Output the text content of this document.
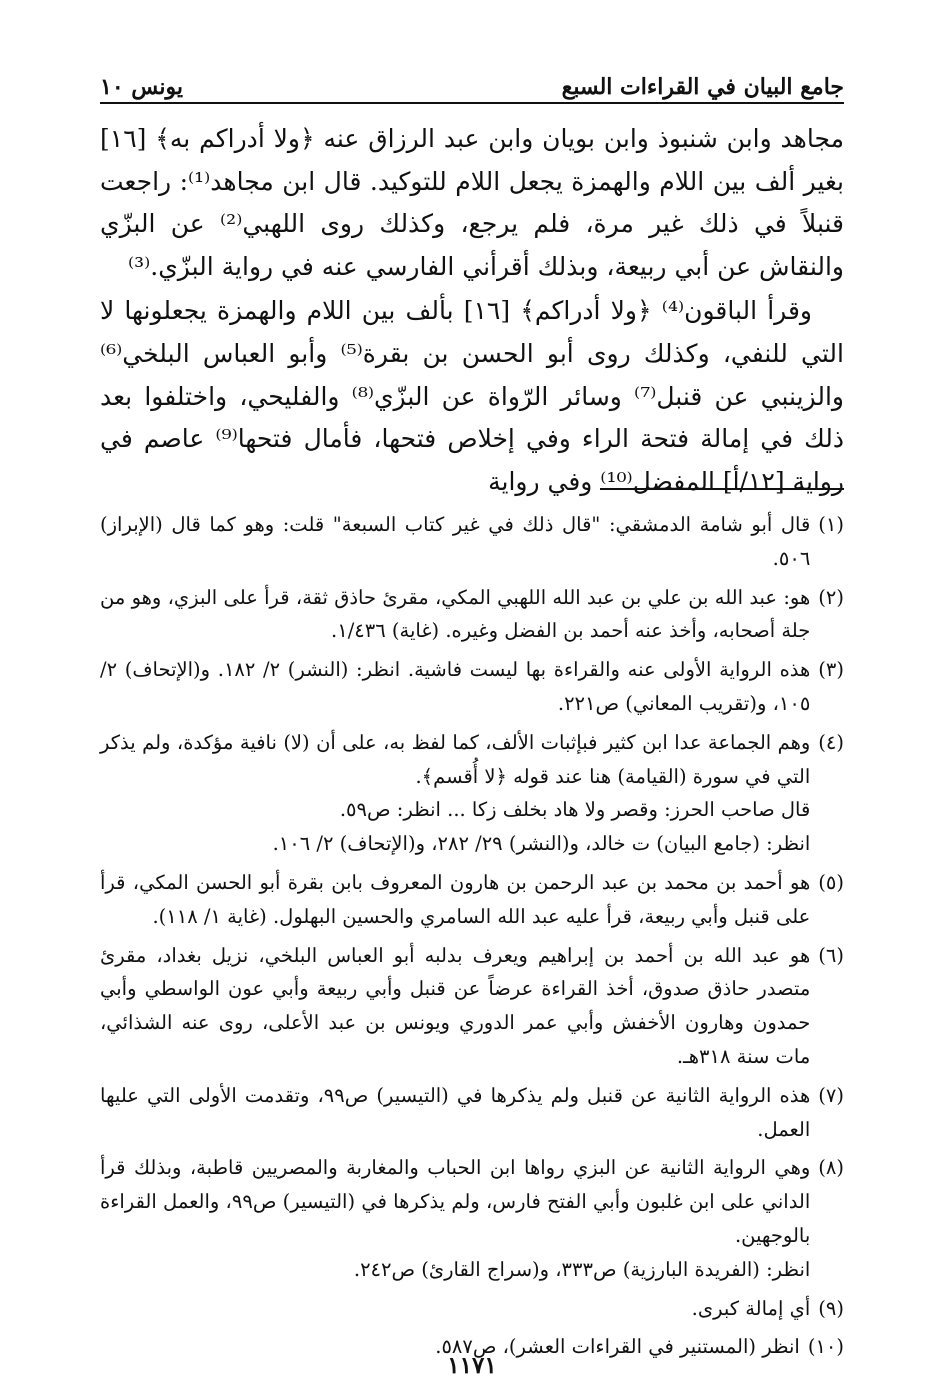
جامع البيان في القراءات السبع
يونس ١٠

مجاهد وابن شنبوذ وابن بويان وابن عبد الرزاق عنه ﴿ولا أدراكم به﴾ [١٦] بغير ألف بين اللام والهمزة يجعل اللام للتوكيد. قال ابن مجاهد⁽¹⁾: راجعت قنبلاً في ذلك غير مرة، فلم يرجع، وكذلك روى اللهبي⁽²⁾ عن البزّي والنقاش عن أبي ربيعة، وبذلك أقرأني الفارسي عنه في رواية البزّي.⁽³⁾

وقرأ الباقون⁽⁴⁾ ﴿ولا أدراكم﴾ [١٦] بألف بين اللام والهمزة يجعلونها لا التي للنفي، وكذلك روى أبو الحسن بن بقرة⁽⁵⁾ وأبو العباس البلخي⁽⁶⁾ والزينبي عن قنبل⁽⁷⁾ وسائر الرّواة عن البزّي⁽⁸⁾ والفليحي، واختلفوا بعد ذلك في إمالة فتحة الراء وفي إخلاص فتحها، فأمال فتحها⁽⁹⁾ عاصم في رواية [١٢/أ] المفضل⁽¹⁰⁾ وفي رواية

(١)
قال أبو شامة الدمشقي: "قال ذلك في غير كتاب السبعة" قلت: وهو كما قال (الإبراز) ٥٠٦.
(٢)
هو: عبد الله بن علي بن عبد الله اللهبي المكي، مقرئ حاذق ثقة، قرأ على البزي، وهو من جلة أصحابه، وأخذ عنه أحمد بن الفضل وغيره. (غاية) ١/٤٣٦.
(٣)
هذه الرواية الأولى عنه والقراءة بها ليست فاشية. انظر: (النشر) ٢/ ١٨٢. و(الإتحاف) ٢/ ١٠٥، و(تقريب المعاني) ص٢٢١.
(٤)
وهم الجماعة عدا ابن كثير فبإثبات الألف، كما لفظ به، على أن (لا) نافية مؤكدة، ولم يذكر التي في سورة (القيامة) هنا عند قوله ﴿لا أُقسم﴾.
قال صاحب الحرز: وقصر ولا هاد بخلف زكا ... انظر: ص٥٩.
انظر: (جامع البيان) ت خالد، و(النشر) ٢٩/ ٢٨٢، و(الإتحاف) ٢/ ١٠٦.
(٥)
هو أحمد بن محمد بن عبد الرحمن بن هارون المعروف بابن بقرة أبو الحسن المكي، قرأ على قنبل وأبي ربيعة، قرأ عليه عبد الله السامري والحسين البهلول. (غاية ١/ ١١٨).
(٦)
هو عبد الله بن أحمد بن إبراهيم ويعرف بدلبه أبو العباس البلخي، نزيل بغداد، مقرئ متصدر حاذق صدوق، أخذ القراءة عرضاً عن قنبل وأبي ربيعة وأبي عون الواسطي وأبي حمدون وهارون الأخفش وأبي عمر الدوري ويونس بن عبد الأعلى، روى عنه الشذائي، مات سنة ٣١٨هـ.
(٧)
هذه الرواية الثانية عن قنبل ولم يذكرها في (التيسير) ص٩٩، وتقدمت الأولى التي عليها العمل.
(٨)
وهي الرواية الثانية عن البزي رواها ابن الحباب والمغاربة والمصريين قاطبة، وبذلك قرأ الداني على ابن غلبون وأبي الفتح فارس، ولم يذكرها في (التيسير) ص٩٩، والعمل القراءة بالوجهين.
انظر: (الفريدة البارزية) ص٣٣٣، و(سراج القارئ) ص٢٤٢.
(٩)
أي إمالة كبرى.
(١٠)
انظر (المستنير في القراءات العشر)، ص٥٨٧.
١١٧١
